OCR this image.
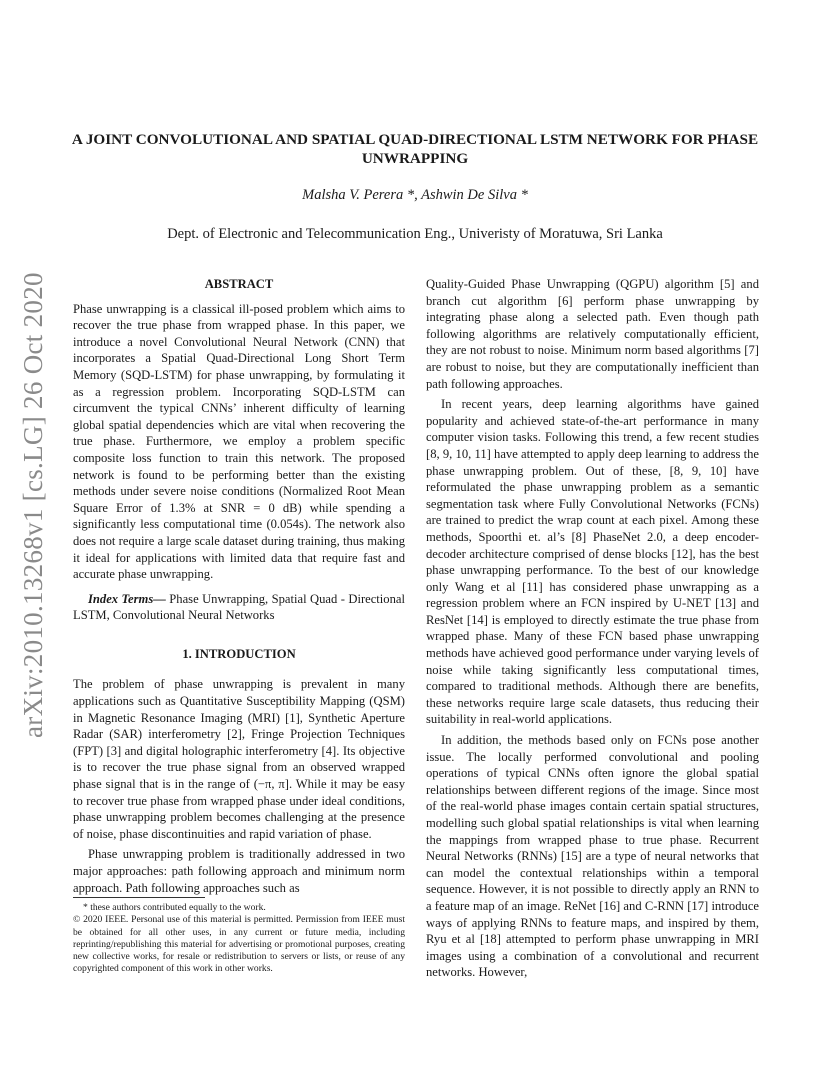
arXiv:2010.13268v1 [cs.LG] 26 Oct 2020
A JOINT CONVOLUTIONAL AND SPATIAL QUAD-DIRECTIONAL LSTM NETWORK FOR PHASE UNWRAPPING
Malsha V. Perera *, Ashwin De Silva *
Dept. of Electronic and Telecommunication Eng., Univeristy of Moratuwa, Sri Lanka
ABSTRACT

Phase unwrapping is a classical ill-posed problem which aims to recover the true phase from wrapped phase. In this paper, we introduce a novel Convolutional Neural Network (CNN) that incorporates a Spatial Quad-Directional Long Short Term Memory (SQD-LSTM) for phase unwrapping, by formulating it as a regression problem. Incorporating SQD-LSTM can circumvent the typical CNNs’ inherent difficulty of learning global spatial dependencies which are vital when recovering the true phase. Furthermore, we employ a problem specific composite loss function to train this network. The proposed network is found to be performing better than the existing methods under severe noise conditions (Normalized Root Mean Square Error of 1.3% at SNR = 0 dB) while spending a significantly less computational time (0.054s). The network also does not require a large scale dataset during training, thus making it ideal for applications with limited data that require fast and accurate phase unwrapping.

Index Terms— Phase Unwrapping, Spatial Quad - Directional LSTM, Convolutional Neural Networks

1. INTRODUCTION

The problem of phase unwrapping is prevalent in many applications such as Quantitative Susceptibility Mapping (QSM) in Magnetic Resonance Imaging (MRI) [1], Synthetic Aperture Radar (SAR) interferometry [2], Fringe Projection Techniques (FPT) [3] and digital holographic interferometry [4]. Its objective is to recover the true phase signal from an observed wrapped phase signal that is in the range of (−π, π]. While it may be easy to recover true phase from wrapped phase under ideal conditions, phase unwrapping problem becomes challenging at the presence of noise, phase discontinuities and rapid variation of phase.

Phase unwrapping problem is traditionally addressed in two major approaches: path following approach and minimum norm approach. Path following approaches such as

* these authors contributed equally to the work.

© 2020 IEEE. Personal use of this material is permitted. Permission from IEEE must be obtained for all other uses, in any current or future media, including reprinting/republishing this material for advertising or promotional purposes, creating new collective works, for resale or redistribution to servers or lists, or reuse of any copyrighted component of this work in other works.

Quality-Guided Phase Unwrapping (QGPU) algorithm [5] and branch cut algorithm [6] perform phase unwrapping by integrating phase along a selected path. Even though path following algorithms are relatively computationally efficient, they are not robust to noise. Minimum norm based algorithms [7] are robust to noise, but they are computationally inefficient than path following approaches.

In recent years, deep learning algorithms have gained popularity and achieved state-of-the-art performance in many computer vision tasks. Following this trend, a few recent studies [8, 9, 10, 11] have attempted to apply deep learning to address the phase unwrapping problem. Out of these, [8, 9, 10] have reformulated the phase unwrapping problem as a semantic segmentation task where Fully Convolutional Networks (FCNs) are trained to predict the wrap count at each pixel. Among these methods, Spoorthi et. al’s [8] PhaseNet 2.0, a deep encoder-decoder architecture comprised of dense blocks [12], has the best phase unwrapping performance. To the best of our knowledge only Wang et al [11] has considered phase unwrapping as a regression problem where an FCN inspired by U-NET [13] and ResNet [14] is employed to directly estimate the true phase from wrapped phase. Many of these FCN based phase unwrapping methods have achieved good performance under varying levels of noise while taking significantly less computational times, compared to traditional methods. Although there are benefits, these networks require large scale datasets, thus reducing their suitability in real-world applications.

In addition, the methods based only on FCNs pose another issue. The locally performed convolutional and pooling operations of typical CNNs often ignore the global spatial relationships between different regions of the image. Since most of the real-world phase images contain certain spatial structures, modelling such global spatial relationships is vital when learning the mappings from wrapped phase to true phase. Recurrent Neural Networks (RNNs) [15] are a type of neural networks that can model the contextual relationships within a temporal sequence. However, it is not possible to directly apply an RNN to a feature map of an image. ReNet [16] and C-RNN [17] introduce ways of applying RNNs to feature maps, and inspired by them, Ryu et al [18] attempted to perform phase unwrapping in MRI images using a combination of a convolutional and recurrent networks. However,
